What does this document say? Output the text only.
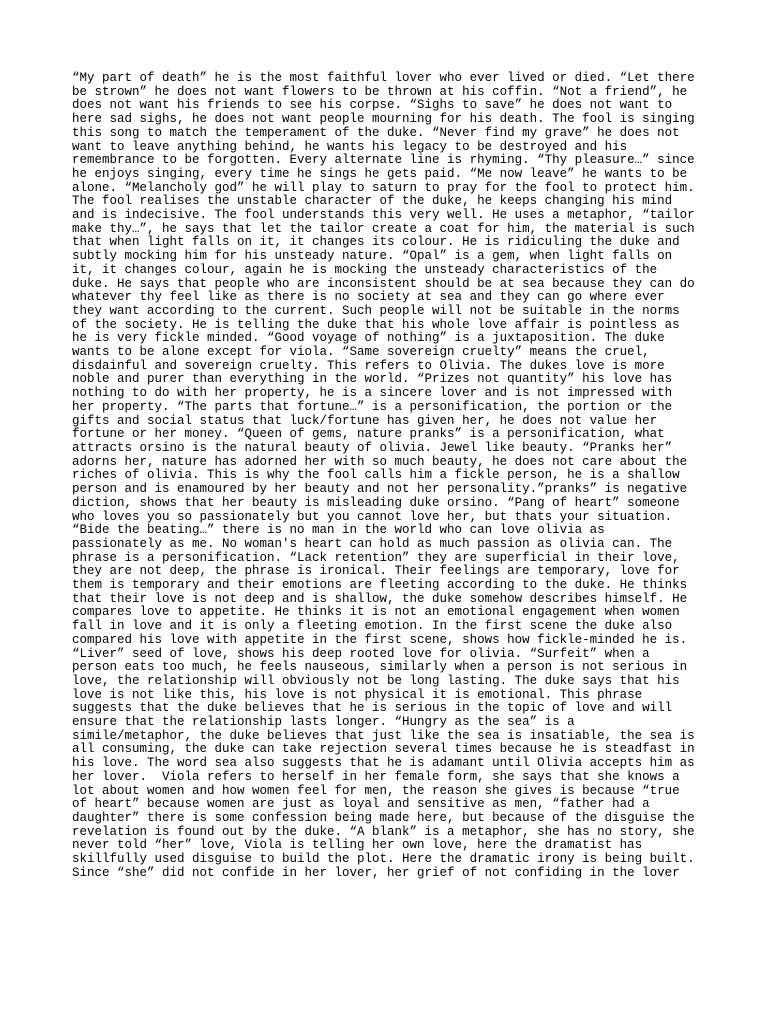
“My part of death” he is the most faithful lover who ever lived or died. “Let there
be strown” he does not want flowers to be thrown at his coffin. “Not a friend”, he
does not want his friends to see his corpse. “Sighs to save” he does not want to
here sad sighs, he does not want people mourning for his death. The fool is singing
this song to match the temperament of the duke. “Never find my grave” he does not
want to leave anything behind, he wants his legacy to be destroyed and his
remembrance to be forgotten. Every alternate line is rhyming. “Thy pleasure…” since
he enjoys singing, every time he sings he gets paid. “Me now leave” he wants to be
alone. “Melancholy god” he will play to saturn to pray for the fool to protect him.
The fool realises the unstable character of the duke, he keeps changing his mind
and is indecisive. The fool understands this very well. He uses a metaphor, “tailor
make thy…”, he says that let the tailor create a coat for him, the material is such
that when light falls on it, it changes its colour. He is ridiculing the duke and
subtly mocking him for his unsteady nature. “Opal” is a gem, when light falls on
it, it changes colour, again he is mocking the unsteady characteristics of the
duke. He says that people who are inconsistent should be at sea because they can do
whatever thy feel like as there is no society at sea and they can go where ever
they want according to the current. Such people will not be suitable in the norms
of the society. He is telling the duke that his whole love affair is pointless as
he is very fickle minded. “Good voyage of nothing” is a juxtaposition. The duke
wants to be alone except for viola. “Same sovereign cruelty” means the cruel,
disdainful and sovereign cruelty. This refers to Olivia. The dukes love is more
noble and purer than everything in the world. “Prizes not quantity” his love has
nothing to do with her property, he is a sincere lover and is not impressed with
her property. “The parts that fortune…” is a personification, the portion or the
gifts and social status that luck/fortune has given her, he does not value her
fortune or her money. “Queen of gems, nature pranks” is a personification, what
attracts orsino is the natural beauty of olivia. Jewel like beauty. “Pranks her”
adorns her, nature has adorned her with so much beauty, he does not care about the
riches of olivia. This is why the fool calls him a fickle person, he is a shallow
person and is enamoured by her beauty and not her personality.”pranks” is negative
diction, shows that her beauty is misleading duke orsino. “Pang of heart” someone
who loves you so passionately but you cannot love her, but thats your situation.
“Bide the beating…” there is no man in the world who can love olivia as
passionately as me. No woman's heart can hold as much passion as olivia can. The
phrase is a personification. “Lack retention” they are superficial in their love,
they are not deep, the phrase is ironical. Their feelings are temporary, love for
them is temporary and their emotions are fleeting according to the duke. He thinks
that their love is not deep and is shallow, the duke somehow describes himself. He
compares love to appetite. He thinks it is not an emotional engagement when women
fall in love and it is only a fleeting emotion. In the first scene the duke also
compared his love with appetite in the first scene, shows how fickle-minded he is.
“Liver” seed of love, shows his deep rooted love for olivia. “Surfeit” when a
person eats too much, he feels nauseous, similarly when a person is not serious in
love, the relationship will obviously not be long lasting. The duke says that his
love is not like this, his love is not physical it is emotional. This phrase
suggests that the duke believes that he is serious in the topic of love and will
ensure that the relationship lasts longer. “Hungry as the sea” is a
simile/metaphor, the duke believes that just like the sea is insatiable, the sea is
all consuming, the duke can take rejection several times because he is steadfast in
his love. The word sea also suggests that he is adamant until Olivia accepts him as
her lover.  Viola refers to herself in her female form, she says that she knows a
lot about women and how women feel for men, the reason she gives is because “true
of heart” because women are just as loyal and sensitive as men, “father had a
daughter” there is some confession being made here, but because of the disguise the
revelation is found out by the duke. “A blank” is a metaphor, she has no story, she
never told “her” love, Viola is telling her own love, here the dramatist has
skillfully used disguise to build the plot. Here the dramatic irony is being built.
Since “she” did not confide in her lover, her grief of not confiding in the lover
